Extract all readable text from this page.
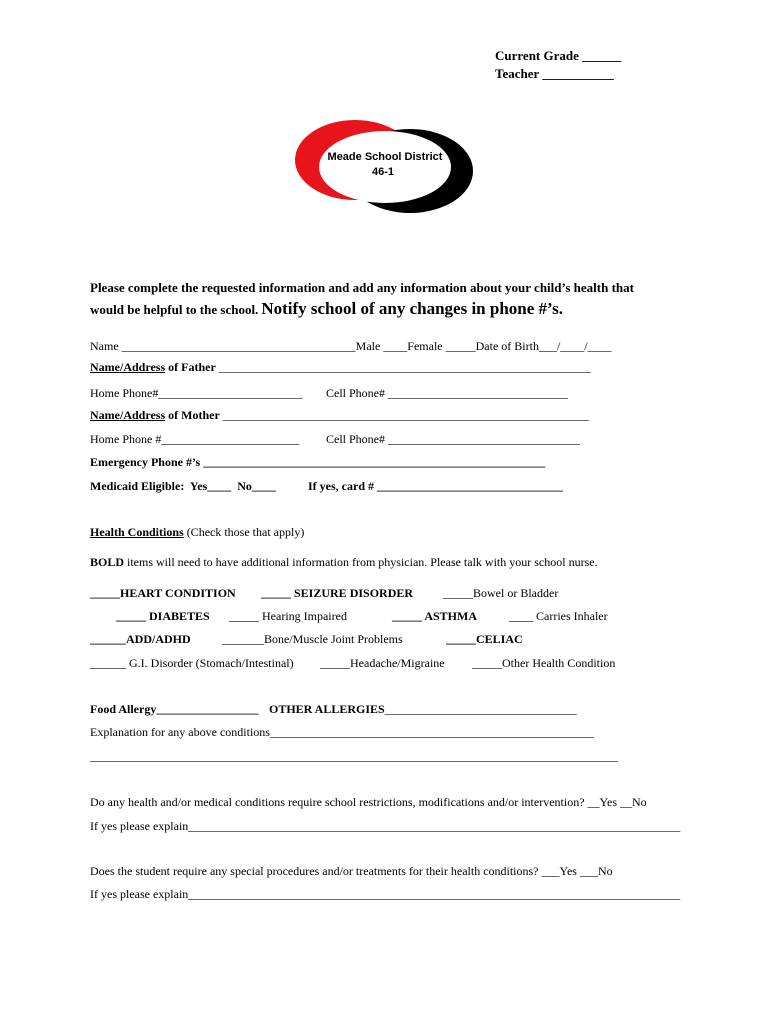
Current Grade ______
Teacher ___________
Meade School District
46-1
Please complete the requested information and add any information about your child’s health that
would be helpful to the school. Notify school of any changes in phone #’s.
Name _______________________________________Male ____Female _____Date of Birth___/____/____
Name/Address of Father ______________________________________________________________
Home Phone#________________________ Cell Phone# ______________________________
Name/Address of Mother _____________________________________________________________
Home Phone #_______________________ Cell Phone# ________________________________
Emergency Phone #’s _________________________________________________________
Medicaid Eligible:  Yes____  No____	If yes, card # _______________________________
Health Conditions (Check those that apply)
BOLD items will need to have additional information from physician. Please talk with your school nurse.
_____HEART CONDITION _____ SEIZURE DISORDER _____Bowel or Bladder
_____ DIABETES _____ Hearing Impaired	_____ ASTHMA	____ Carries Inhaler
______ADD/ADHD	_______Bone/Muscle Joint Problems	_____CELIAC
______ G.I. Disorder (Stomach/Intestinal) _____Headache/Migraine _____Other Health Condition
Food Allergy_________________ OTHER ALLERGIES________________________________
Explanation for any above conditions______________________________________________________
________________________________________________________________________________________
Do any health and/or medical conditions require school restrictions, modifications and/or intervention? __Yes __No
If yes please explain__________________________________________________________________________________
Does the student require any special procedures and/or treatments for their health conditions? ___Yes ___No
If yes please explain__________________________________________________________________________________
